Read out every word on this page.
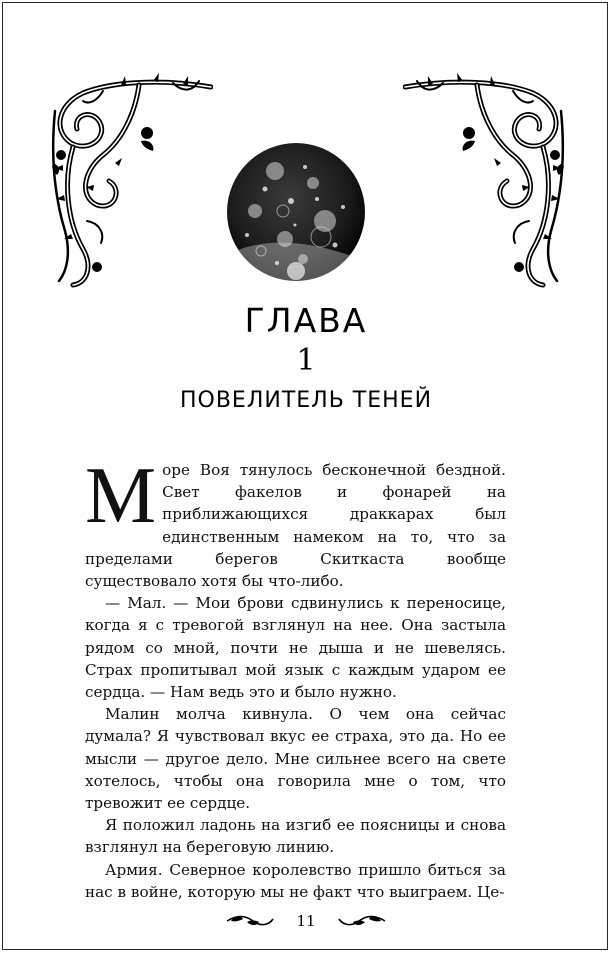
ГЛАВА
1
ПОВЕЛИТЕЛЬ ТЕНЕЙ

Море Воя тянулось бесконечной бездной. Свет факелов и фонарей на приближающихся драккарах был единственным намеком на то, что за пределами берегов Скиткаста вообще существовало хотя бы что-либо.

— Мал. — Мои брови сдвинулись к переносице, когда я с тревогой взглянул на нее. Она застыла рядом со мной, почти не дыша и не шевелясь. Страх пропитывал мой язык с каждым ударом ее сердца. — Нам ведь это и было нужно.

Малин молча кивнула. О чем она сейчас думала? Я чувствовал вкус ее страха, это да. Но ее мысли — другое дело. Мне сильнее всего на свете хотелось, чтобы она говорила мне о том, что тревожит ее сердце.

Я положил ладонь на изгиб ее поясницы и снова взглянул на береговую линию.

Армия. Северное королевство пришло биться за нас в войне, которую мы не факт что выиграем. Це-

11
